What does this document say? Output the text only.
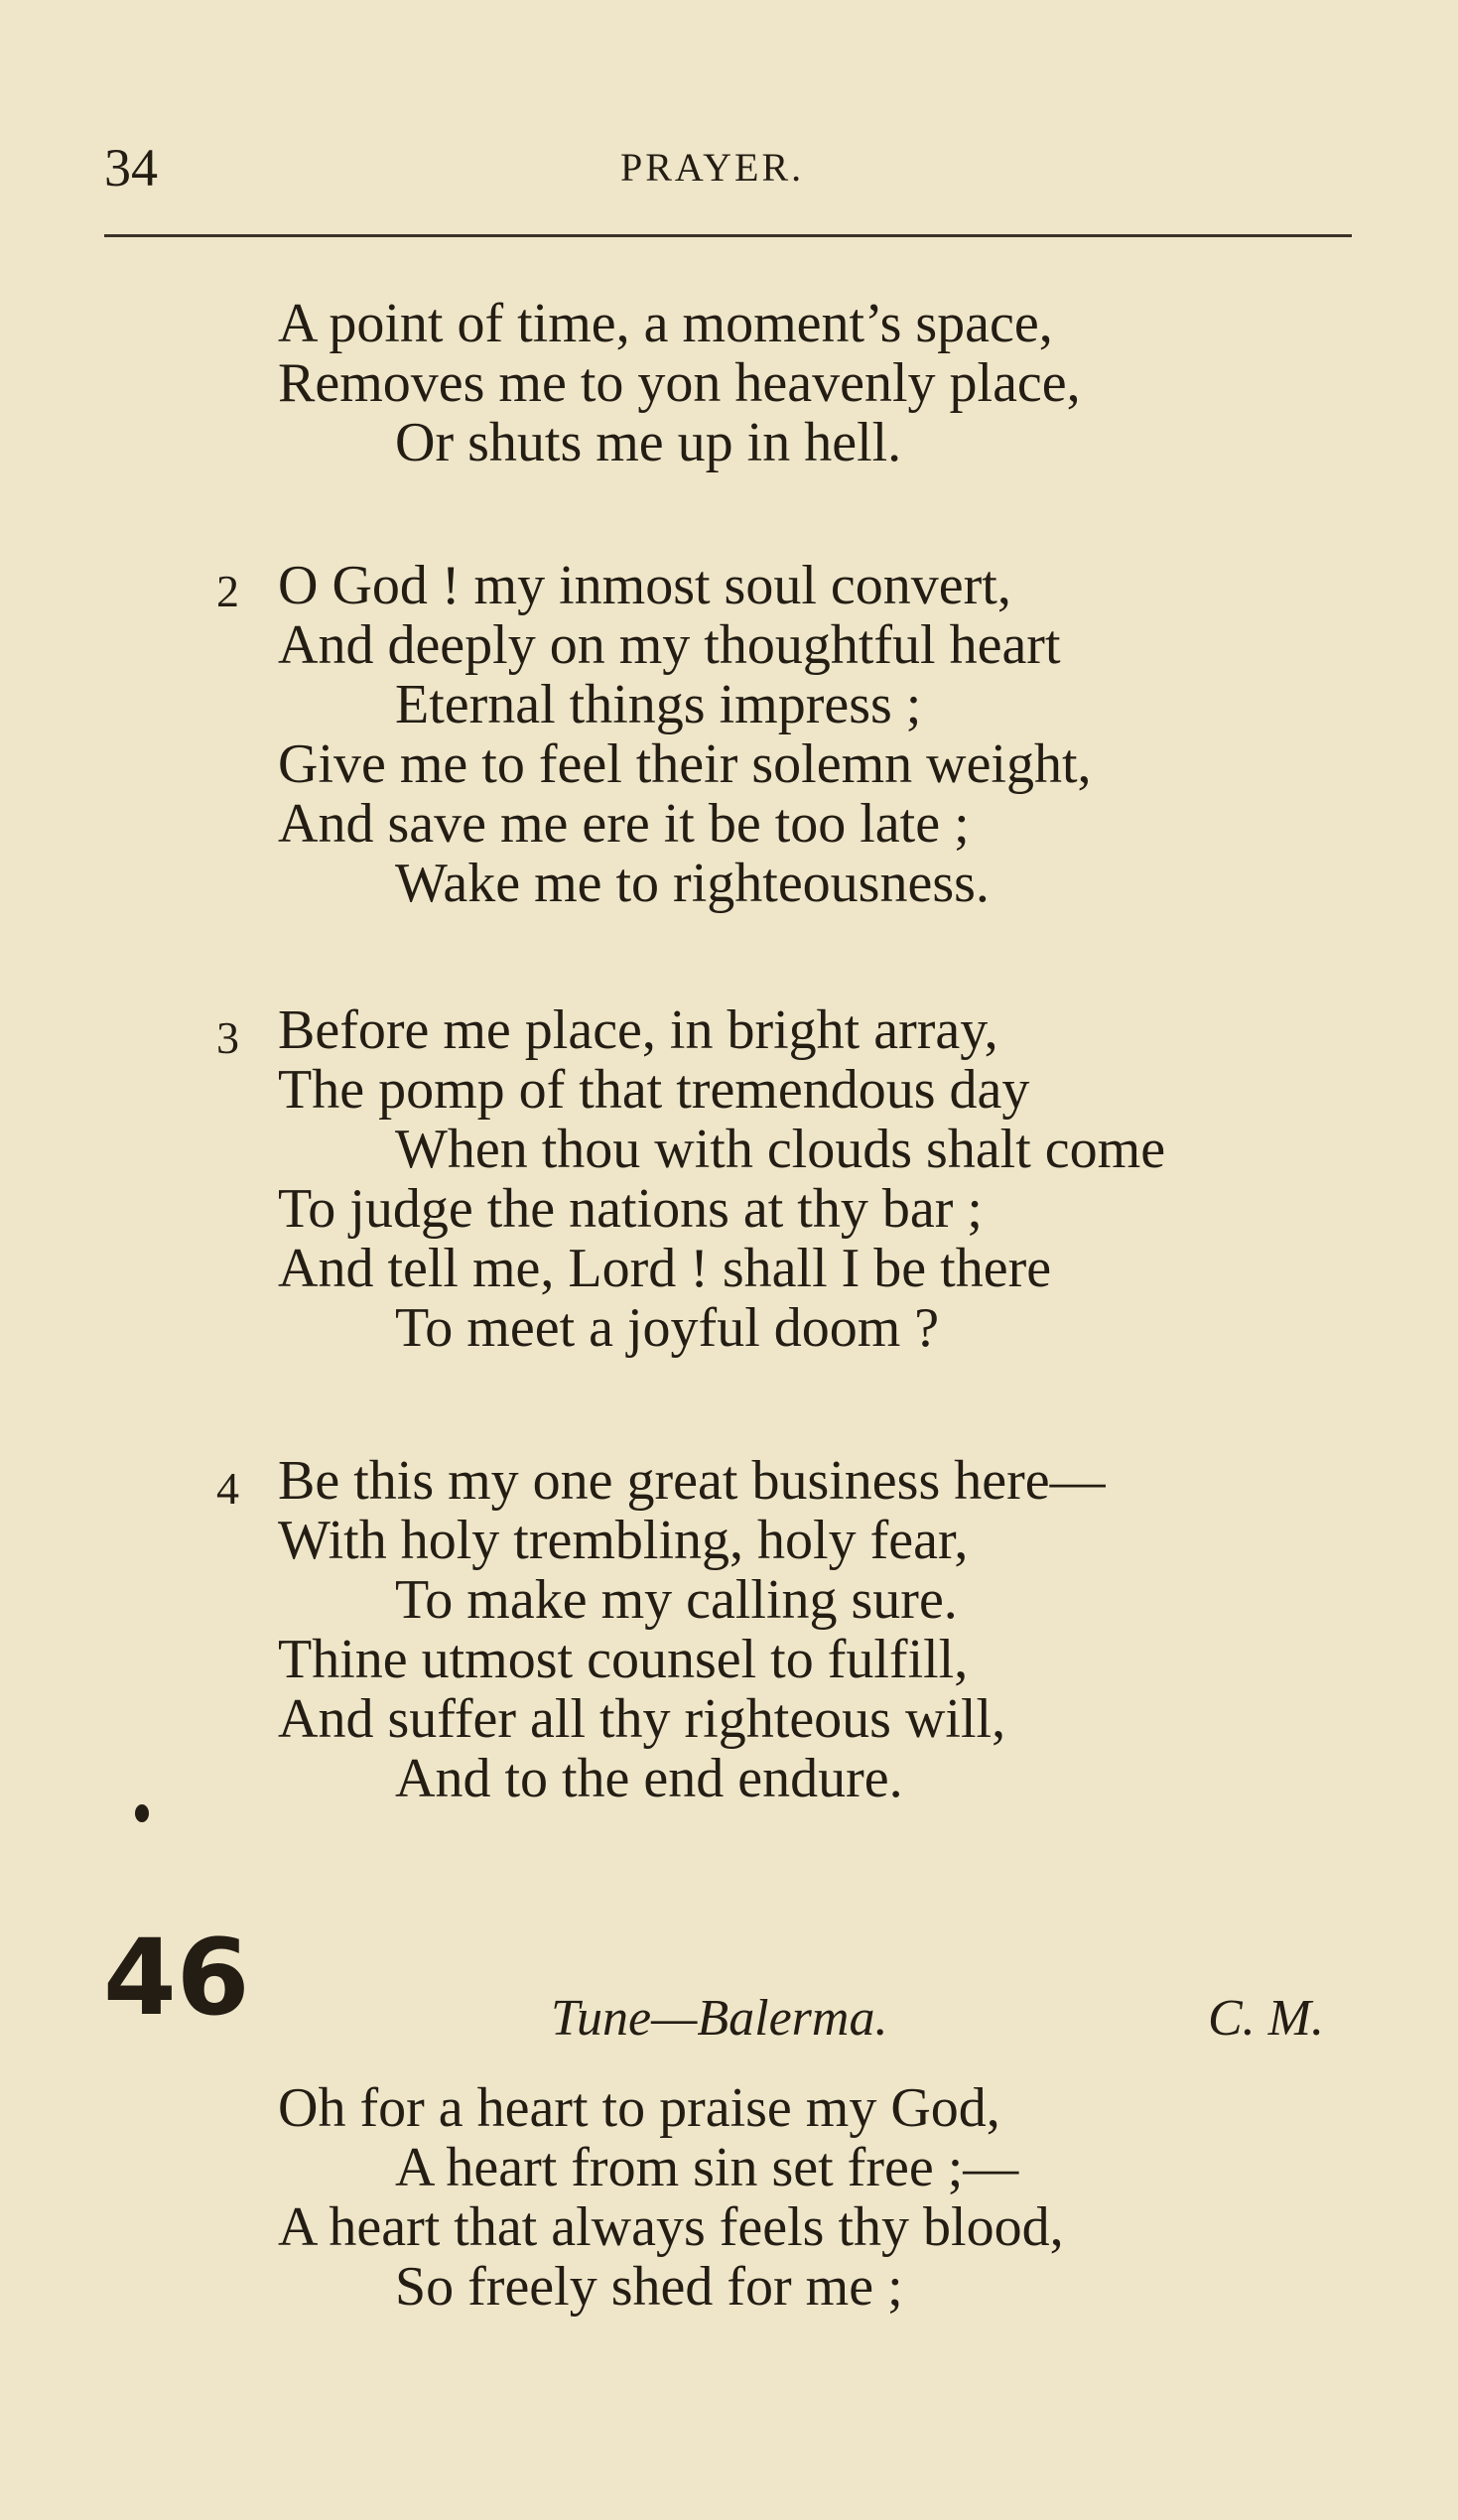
34	PRAYER.
A point of time, a moment’s space,
Removes me to yon heavenly place,
Or shuts me up in hell.
2 O God ! my inmost soul convert,
And deeply on my thoughtful heart
Eternal things impress ;
Give me to feel their solemn weight,
And save me ere it be too late ;
Wake me to righteousness.
3 Before me place, in bright array,
The pomp of that tremendous day
When thou with clouds shalt come
To judge the nations at thy bar ;
And tell me, Lord ! shall I be there
To meet a joyful doom ?
4 Be this my one great business here—
With holy trembling, holy fear,
To make my calling sure.
Thine utmost counsel to fulfill,
And suffer all thy righteous will,
And to the end endure.
46	Tune—Balerma.	C. M.
Oh for a heart to praise my God,
A heart from sin set free ;—
A heart that always feels thy blood,
So freely shed for me ;
